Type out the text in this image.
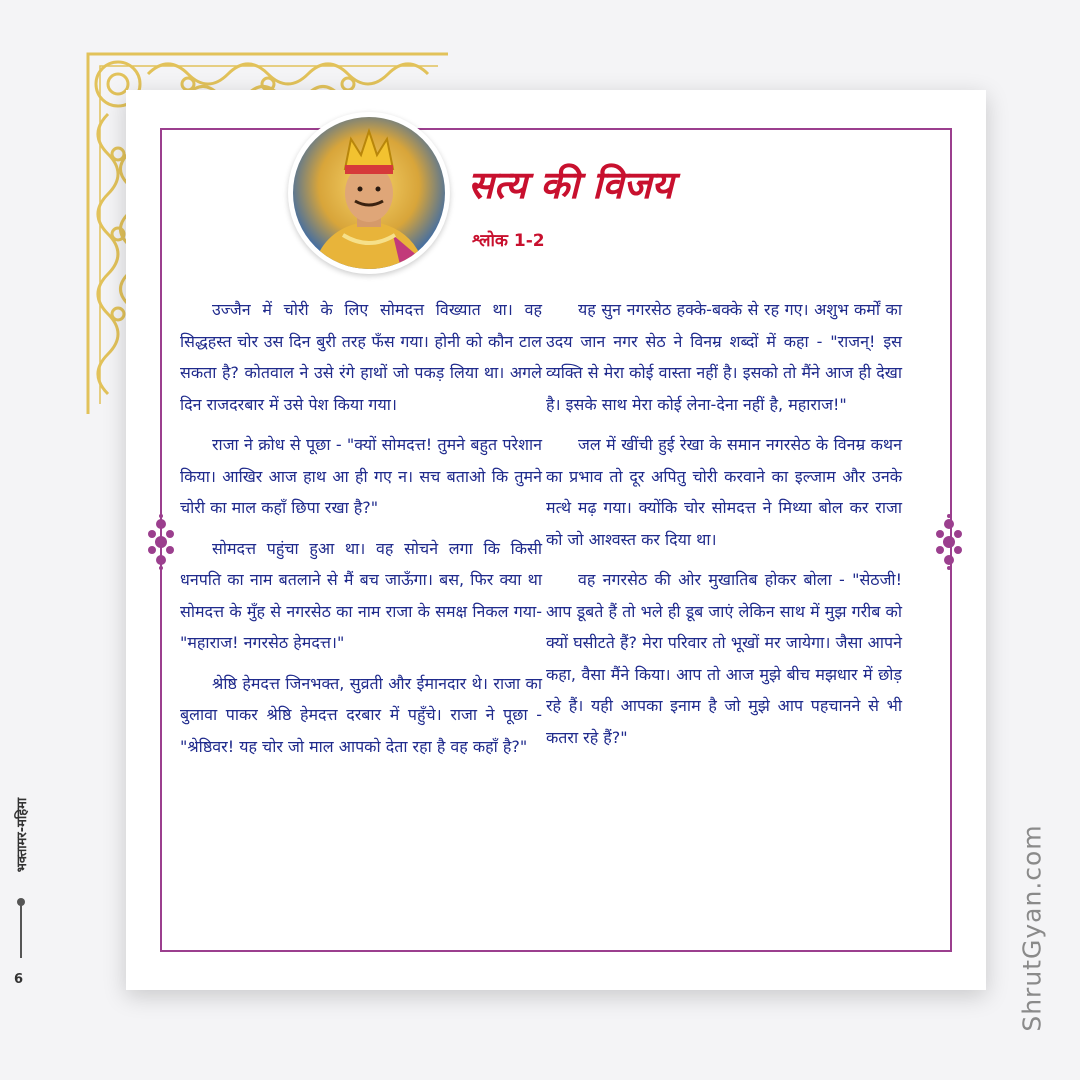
सत्य की विजय
श्लोक 1-2

उज्जैन में चोरी के लिए सोमदत्त विख्यात था। वह सिद्धहस्त चोर उस दिन बुरी तरह फँस गया। होनी को कौन टाल सकता है? कोतवाल ने उसे रंगे हाथों जो पकड़ लिया था। अगले दिन राजदरबार में उसे पेश किया गया।

राजा ने क्रोध से पूछा - "क्यों सोमदत्त! तुमने बहुत परेशान किया। आखिर आज हाथ आ ही गए न। सच बताओ कि तुमने चोरी का माल कहाँ छिपा रखा है?"

सोमदत्त पहुंचा हुआ था। वह सोचने लगा कि किसी धनपति का नाम बतलाने से मैं बच जाऊँगा। बस, फिर क्या था सोमदत्त के मुँह से नगरसेठ का नाम राजा के समक्ष निकल गया- "महाराज! नगरसेठ हेमदत्त।"

श्रेष्ठि हेमदत्त जिनभक्त, सुव्रती और ईमानदार थे। राजा का बुलावा पाकर श्रेष्ठि हेमदत्त दरबार में पहुँचे। राजा ने पूछा - "श्रेष्ठिवर! यह चोर जो माल आपको देता रहा है वह कहाँ है?"

यह सुन नगरसेठ हक्के-बक्के से रह गए। अशुभ कर्मों का उदय जान नगर सेठ ने विनम्र शब्दों में कहा - "राजन्! इस व्यक्ति से मेरा कोई वास्ता नहीं है। इसको तो मैंने आज ही देखा है। इसके साथ मेरा कोई लेना-देना नहीं है, महाराज!"

जल में खींची हुई रेखा के समान नगरसेठ के विनम्र कथन का प्रभाव तो दूर अपितु चोरी करवाने का इल्जाम और उनके मत्थे मढ़ गया। क्योंकि चोर सोमदत्त ने मिथ्या बोल कर राजा को जो आश्वस्त कर दिया था।

वह नगरसेठ की ओर मुखातिब होकर बोला - "सेठजी! आप डूबते हैं तो भले ही डूब जाएं लेकिन साथ में मुझ गरीब को क्यों घसीटते हैं? मेरा परिवार तो भूखों मर जायेगा। जैसा आपने कहा, वैसा मैंने किया। आप तो आज मुझे बीच मझधार में छोड़ रहे हैं। यही आपका इनाम है जो मुझे आप पहचानने से भी कतरा रहे हैं?"

भक्तामर-महिमा
6	ShrutGyan.com
